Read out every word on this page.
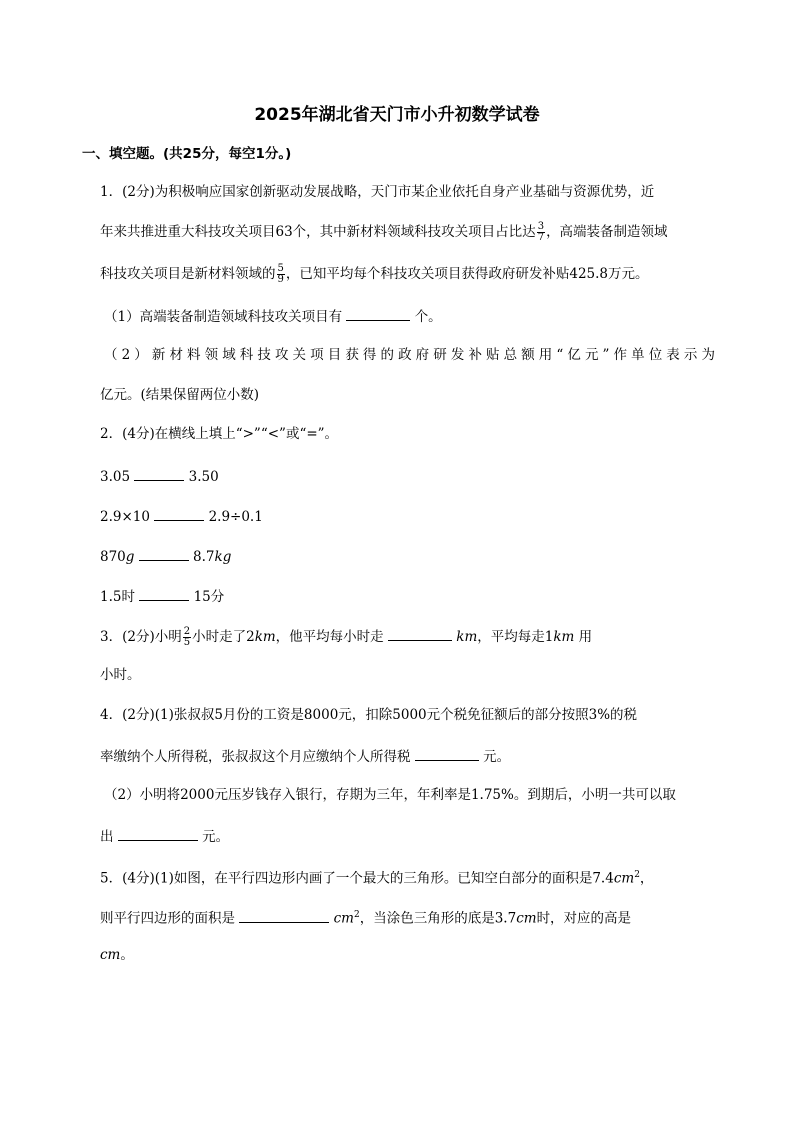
2025年湖北省天门市小升初数学试卷
一、填空题。(共25分，每空1分。)
1．(2分)为积极响应国家创新驱动发展战略，天门市某企业依托自身产业基础与资源优势，近
年来共推进重大科技攻关项目63个，其中新材料领域科技攻关项目占比达 $\frac{3}{7}$ ，高端装备制造领域
科技攻关项目是新材料领域的 $\frac{5}{9}$ ，已知平均每个科技攻关项目获得政府研发补贴425.8万元。
（1）高端装备制造领域科技攻关项目有	个。
（2）新材料领域科技攻关项目获得的政府研发补贴总额用“亿元”作单位表示为
亿元。(结果保留两位小数)
2．(4分)在横线上填上“>”“<”或“=”。
3.05	3.50
2.9×10	2.9÷0.1
870g	8.7kg
1.5时	15分
3．(2分)小明 $\frac{2}{5}$ 小时走了2km，他平均每小时走	km，平均每走1km 用
小时。
4．(2分)(1)张叔叔5月份的工资是8000元，扣除5000元个税免征额后的部分按照3%的税
率缴纳个人所得税，张叔叔这个月应缴纳个人所得税	元。
（2）小明将2000元压岁钱存入银行，存期为三年，年利率是1.75%。到期后，小明一共可以取
出	元。
5．(4分)(1)如图，在平行四边形内画了一个最大的三角形。已知空白部分的面积是$7.4cm^2$，
则平行四边形的面积是	$cm^2$，当涂色三角形的底是3.7cm时，对应的高是
cm。
